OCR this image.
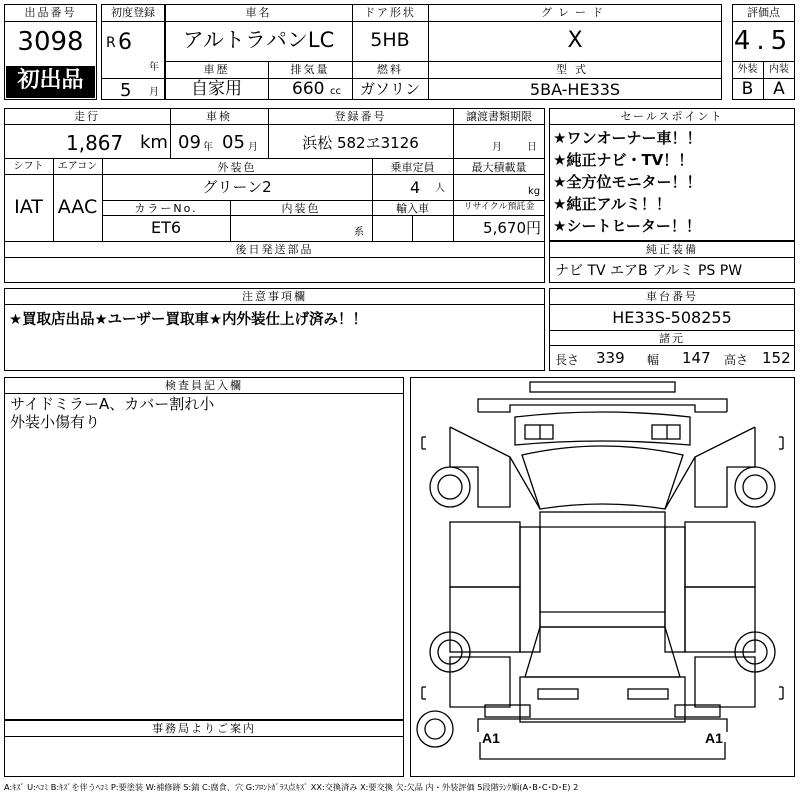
出品番号
3098
初出品
初度登録
R 6
年
5 月
車名
アルトラパンLC
ドア形状
5HB
グレード
X
車歴
自家用
排気量
660 cc
燃料
ガソリン
型式
5BA-HE33S
評価点
4.5
外装	内装
B	A
走行
1,867 km
車検
09 年 05 月
登録番号
浜松 582ヱ3126
譲渡書類期限
月	日
シフト
IAT
エアコン
AAC
外装色
グリーン2
乗車定員
4 人
最大積載量
kg
カラーNo.
ET6
内装色
系
輸入車	リサイクル預託金
5,670円
後日発送部品
セールスポイント
★ワンオーナー車！！
★純正ナビ・TV！！
★全方位モニター！！
★純正アルミ！！
★シートヒーター！！
純正装備
ナビ TV エアB アルミ PS PW
注意事項欄
★買取店出品★ユーザー買取車★内外装仕上げ済み！！
車台番号
HE33S-508255
諸元
長さ 339 幅 147 高さ 152
検査員記入欄
サイドミラーA、カバー割れ小
外装小傷有り
事務局よりご案内
A1	A1
A:ｷｽﾞ U:ﾍｺﾐ B:ｷｽﾞを伴うﾍｺﾐ P:要塗装 W:補修跡 S:錆 C:腐食、穴 G:ﾌﾛﾝﾄｶﾞﾗｽ点ｷｽﾞ XX:交換済み X:要交換 欠:欠品 内・外装評価 5段階ﾗﾝｸ順(A･B･C･D･E) 2
